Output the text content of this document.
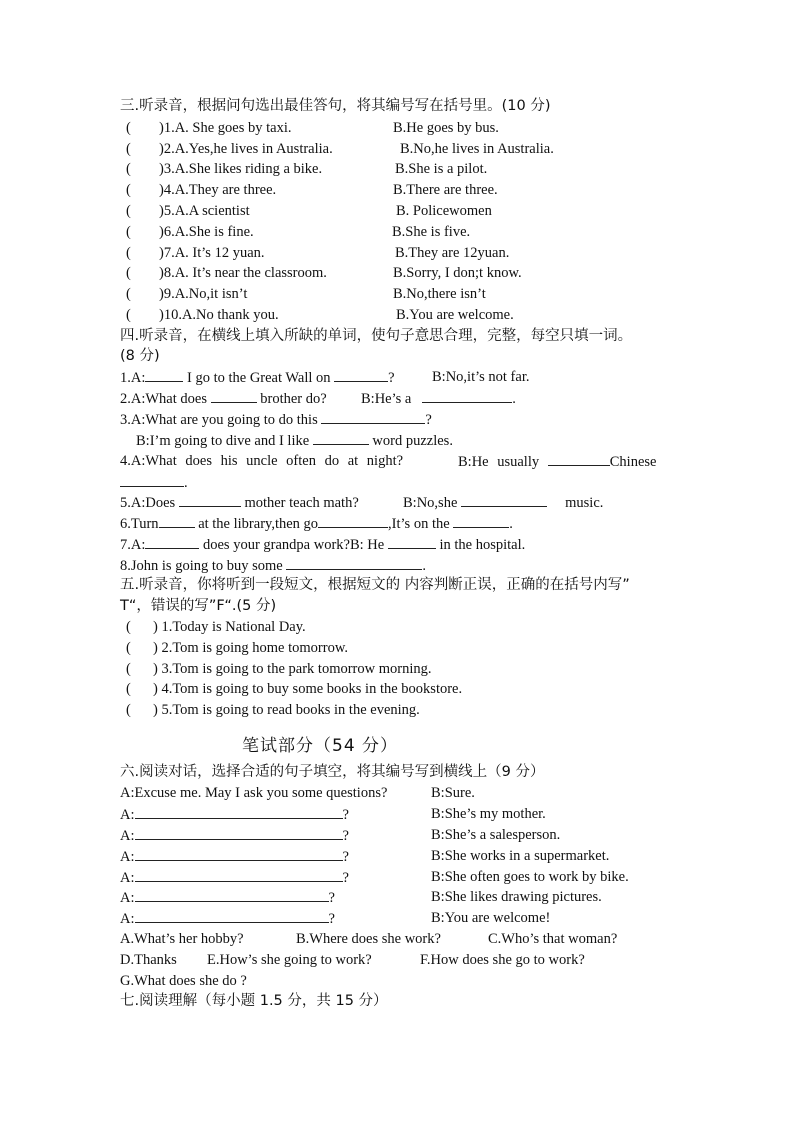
三.听录音，根据问句选出最佳答句，将其编号写在括号里。(10 分)
( )1.A. She goes by taxi.	B.He goes by bus.
( )2.A.Yes,he lives in Australia.	B.No,he lives in Australia.
( )3.A.She likes riding a bike.	B.She is a pilot.
( )4.A.They are three.	B.There are three.
( )5.A.A scientist	B. Policewomen
( )6.A.She is fine.	B.She is five.
( )7.A. It’s 12 yuan.	B.They are 12yuan.
( )8.A. It’s near the classroom.	B.Sorry, I don;t know.
( )9.A.No,it isn’t	B.No,there isn’t
( )10.A.No thank you.	B.You are welcome.
四.听录音，在横线上填入所缺的单词，使句子意思合理，完整，每空只填一词。
(8 分)
1.A:	I go to the Great Wall on	?	B:No,it’s not far.
2.A:What does	brother do? B:He’s a	.
3.A:What are you going to do this	?
B:I’m going to dive and I like	word puzzles.
4.A:What does his uncle often do at night?	B:He usually	Chinese
.
5.A:Does	mother teach math?	B:No,she	music.
6.Turn	at the library,then go	,It’s on the	.
7.A:	does your grandpa work?B: He	in the hospital.
8.John is going to buy some	.
五.听录音，你将听到一段短文，根据短文的 内容判断正误，正确的在括号内写”
T“，错误的写”F“.(5 分)
( ) 1.Today is National Day.
( ) 2.Tom is going home tomorrow.
( ) 3.Tom is going to the park tomorrow morning.
( ) 4.Tom is going to buy some books in the bookstore.
( ) 5.Tom is going to read books in the evening.
笔试部分（54 分）
六.阅读对话，选择合适的句子填空，将其编号写到横线上（9 分）
A:Excuse me. May I ask you some questions?	B:Sure.
A:	?	B:She’s my mother.
A:	?	B:She’s a salesperson.
A:	?	B:She works in a supermarket.
A:	?	B:She often goes to work by bike.
A:	?	B:She likes drawing pictures.
A:	?	B:You are welcome!
A.What’s her hobby?	B.Where does she work?	C.Who’s that woman?
D.Thanks E.How’s she going to work?	F.How does she go to work?
G.What does she do ?
七.阅读理解（每小题 1.5 分，共 15 分）
